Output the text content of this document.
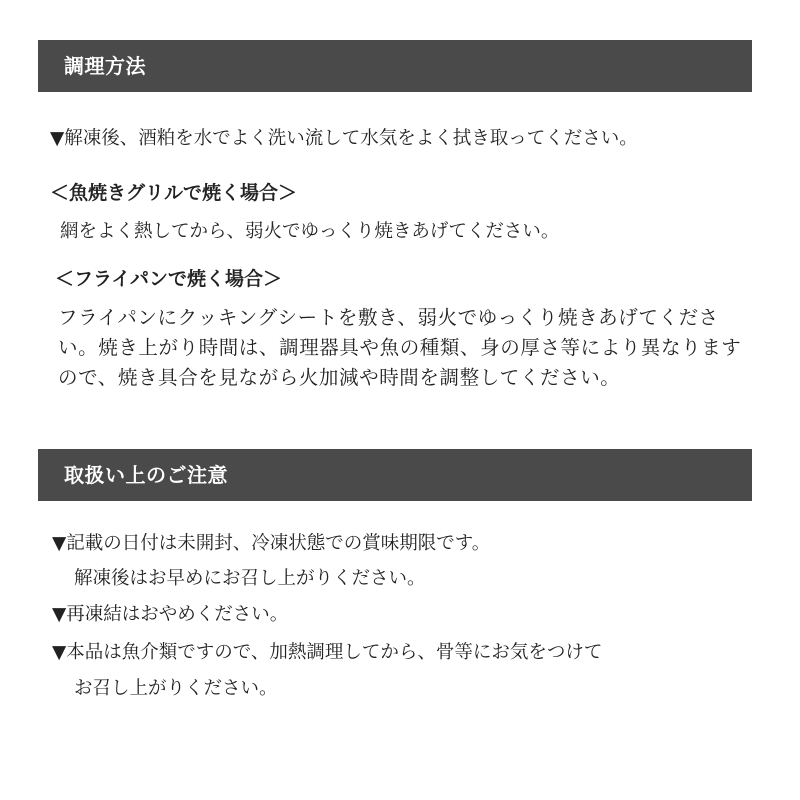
調理方法
▼解凍後、酒粕を水でよく洗い流して水気をよく拭き取ってください。
＜魚焼きグリルで焼く場合＞
網をよく熱してから、弱火でゆっくり焼きあげてください。
＜フライパンで焼く場合＞
フライパンにクッキングシートを敷き、弱火でゆっくり焼きあげてください。焼き上がり時間は、調理器具や魚の種類、身の厚さ等により異なりますので、焼き具合を見ながら火加減や時間を調整してください。
取扱い上のご注意
▼記載の日付は未開封、冷凍状態での賞味期限です。
解凍後はお早めにお召し上がりください。
▼再凍結はおやめください。
▼本品は魚介類ですので、加熱調理してから、骨等にお気をつけて
お召し上がりください。
